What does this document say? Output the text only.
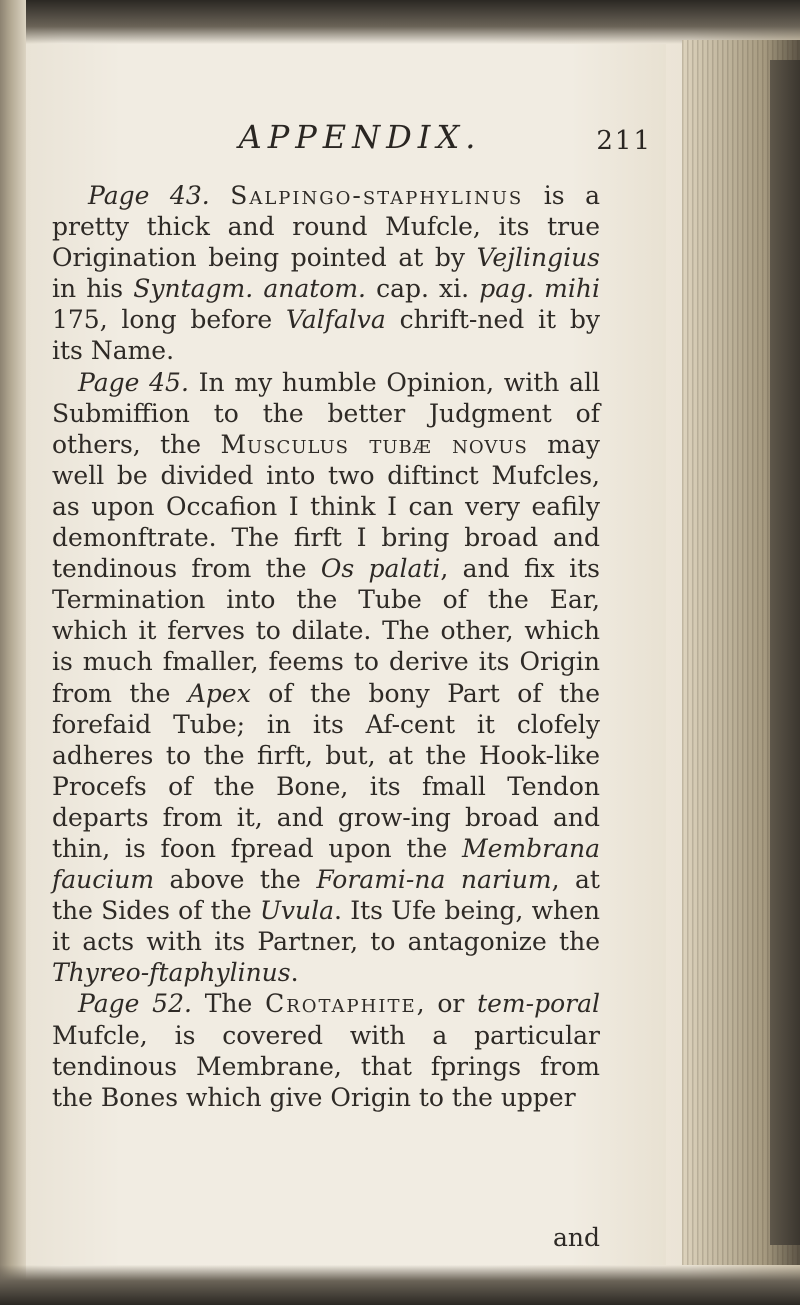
APPENDIX.	211

Page 43. Salpingo-staphylinus is a pretty thick and round Mufcle, its true Origination being pointed at by Vejlingius in his Syntagm. anatom. cap. xi. pag. mihi 175, long before Valfalva chrift-ned it by its Name.

Page 45. In my humble Opinion, with all Submiffion to the better Judgment of others, the Musculus tubæ novus may well be divided into two diftinct Mufcles, as upon Occafion I think I can very eafily demonftrate. The firft I bring broad and tendinous from the Os palati, and fix its Termination into the Tube of the Ear, which it ferves to dilate. The other, which is much fmaller, feems to derive its Origin from the Apex of the bony Part of the forefaid Tube; in its Af-cent it clofely adheres to the firft, but, at the Hook-like Procefs of the Bone, its fmall Tendon departs from it, and grow-ing broad and thin, is foon fpread upon the Membrana faucium above the Forami-na narium, at the Sides of the Uvula. Its Ufe being, when it acts with its Partner, to antagonize the Thyreo-ftaphylinus.

Page 52. The Crotaphite, or tem-poral Mufcle, is covered with a particular tendinous Membrane, that fprings from the Bones which give Origin to the upper

and
